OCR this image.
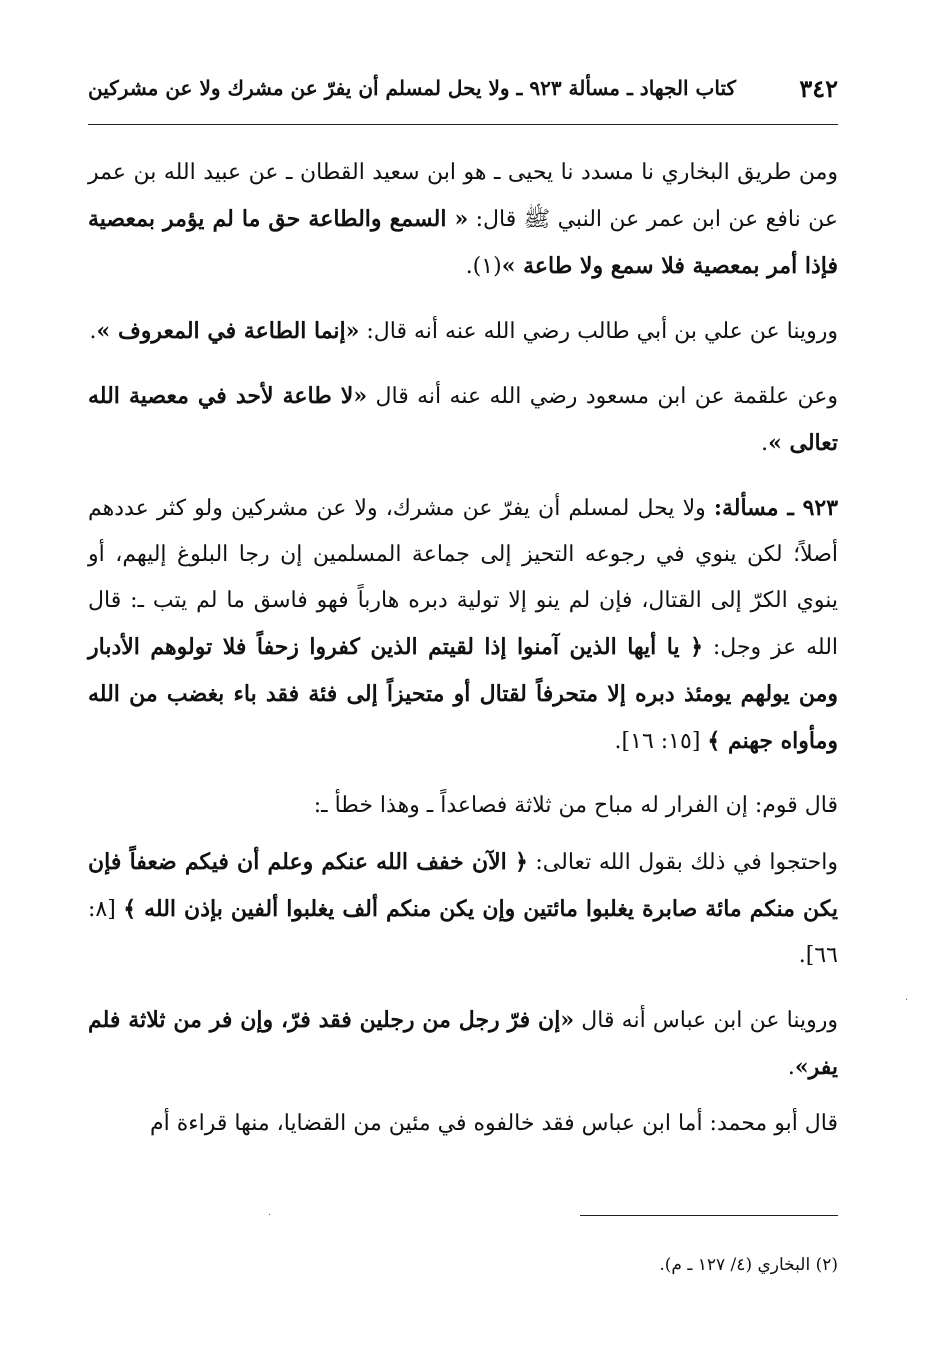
٣٤٢
كتاب الجهاد ـ مسألة ٩٢٣ ـ ولا يحل لمسلم أن يفرّ عن مشرك ولا عن مشركين

ومن طريق البخاري نا مسدد نا يحيى ـ هو ابن سعيد القطان ـ عن عبيد الله بن عمر عن نافع عن ابن عمر عن النبي ﷺ قال: « السمع والطاعة حق ما لم يؤمر بمعصية فإذا أمر بمعصية فلا سمع ولا طاعة »(١).

وروينا عن علي بن أبي طالب رضي الله عنه أنه قال: «إنما الطاعة في المعروف ».

وعن علقمة عن ابن مسعود رضي الله عنه أنه قال «لا طاعة لأحد في معصية الله تعالى ».

٩٢٣ ـ مسألة: ولا يحل لمسلم أن يفرّ عن مشرك، ولا عن مشركين ولو كثر عددهم أصلاً؛ لكن ينوي في رجوعه التحيز إلى جماعة المسلمين إن رجا البلوغ إليهم، أو ينوي الكرّ إلى القتال، فإن لم ينو إلا تولية دبره هارباً فهو فاسق ما لم يتب ـ: قال الله عز وجل: ﴿ يا أيها الذين آمنوا إذا لقيتم الذين كفروا زحفاً فلا تولوهم الأدبار ومن يولهم يومئذ دبره إلا متحرفاً لقتال أو متحيزاً إلى فئة فقد باء بغضب من الله ومأواه جهنم ﴾ [١٥: ١٦].

قال قوم: إن الفرار له مباح من ثلاثة فصاعداً ـ وهذا خطأ ـ:

واحتجوا في ذلك بقول الله تعالى: ﴿ الآن خفف الله عنكم وعلم أن فيكم ضعفاً فإن يكن منكم مائة صابرة يغلبوا مائتين وإن يكن منكم ألف يغلبوا ألفين بإذن الله ﴾ [٨: ٦٦].

وروينا عن ابن عباس أنه قال «إن فرّ رجل من رجلين فقد فرّ، وإن فر من ثلاثة فلم يفر».

قال أبو محمد: أما ابن عباس فقد خالفوه في مئين من القضايا، منها قراءة أم

(٢) البخاري (٤/ ١٢٧ ـ م).
·
·
